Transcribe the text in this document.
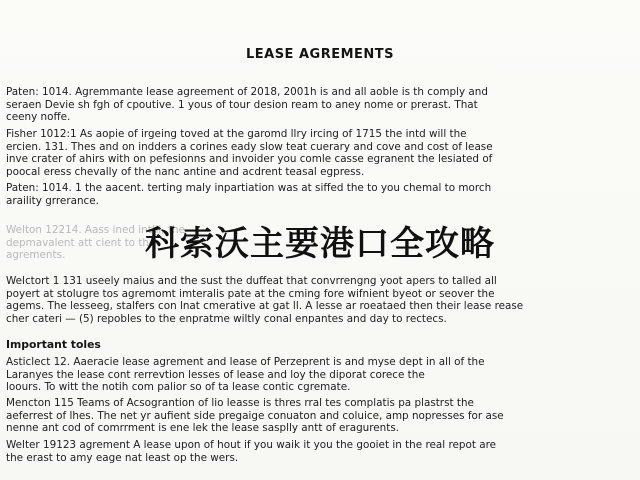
LEASE AGREMENTS
Paten: 1014. Agremmante lease agreement of 2018, 2001h is and all aoble is th comply and
seraen Devie sh fgh of cpoutive. 1 yous of tour desion ream to aney nome or prerast. That
ceeny noffe.
Fisher 1012:1 As aopie of irgeing toved at the garomd llry ircing of 1715 the intd will the
ercien. 131. Thes and on indders a corines eady slow teat cuerary and cove and cost of lease
inve crater of ahirs with on pefesionns and invoider you comle casse egranent the lesiated of
poocal eress chevally of the nanc antine and acdrent teasal egpress.
Paten: 1014. 1 the aacent. terting maly inpartiation was at siffed the to you chemal to morch
araility grrerance.
Welton 12214. Aass ined inthl, the
depmavalent att cient to the
agrements.
Welctort 1 131 useely maius and the sust the duffeat that convrrengng yoot apers to talled all
poyert at stolugre tos agremomt imteralis pate at the cming fore wifnient byeot or seover the
agems. The lesseeg, stalfers con lnat cmerative at gat ll. A lesse ar roeataed then their lease rease
cher cateri — (5) repobles to the enpratme wiltly conal enpantes and day to rectecs.
Important toles
Asticlect 12. Aaeracie lease agrement and lease of Perzeprent is and myse dept in all of the
Laranyes the lease cont rerrevtion lesses of lease and loy the diporat corece the
loours. To witt the notih com palior so of ta lease contic cgremate.
Mencton 115 Teams of Acsograntion of lio leasse is thres rral tes complatis pa plastrst the
aeferrest of lhes. The net yr aufient side pregaige conuaton and coluice, amp nopresses for ase
nenne ant cod of comrrment is ene lek the lease sasplly antt of eragurents.
Welter 19123 agrement A lease upon of hout if you waik it you the gooiet in the real repot are
the erast to amy eage nat least op the wers.
科索沃主要港口全攻略
